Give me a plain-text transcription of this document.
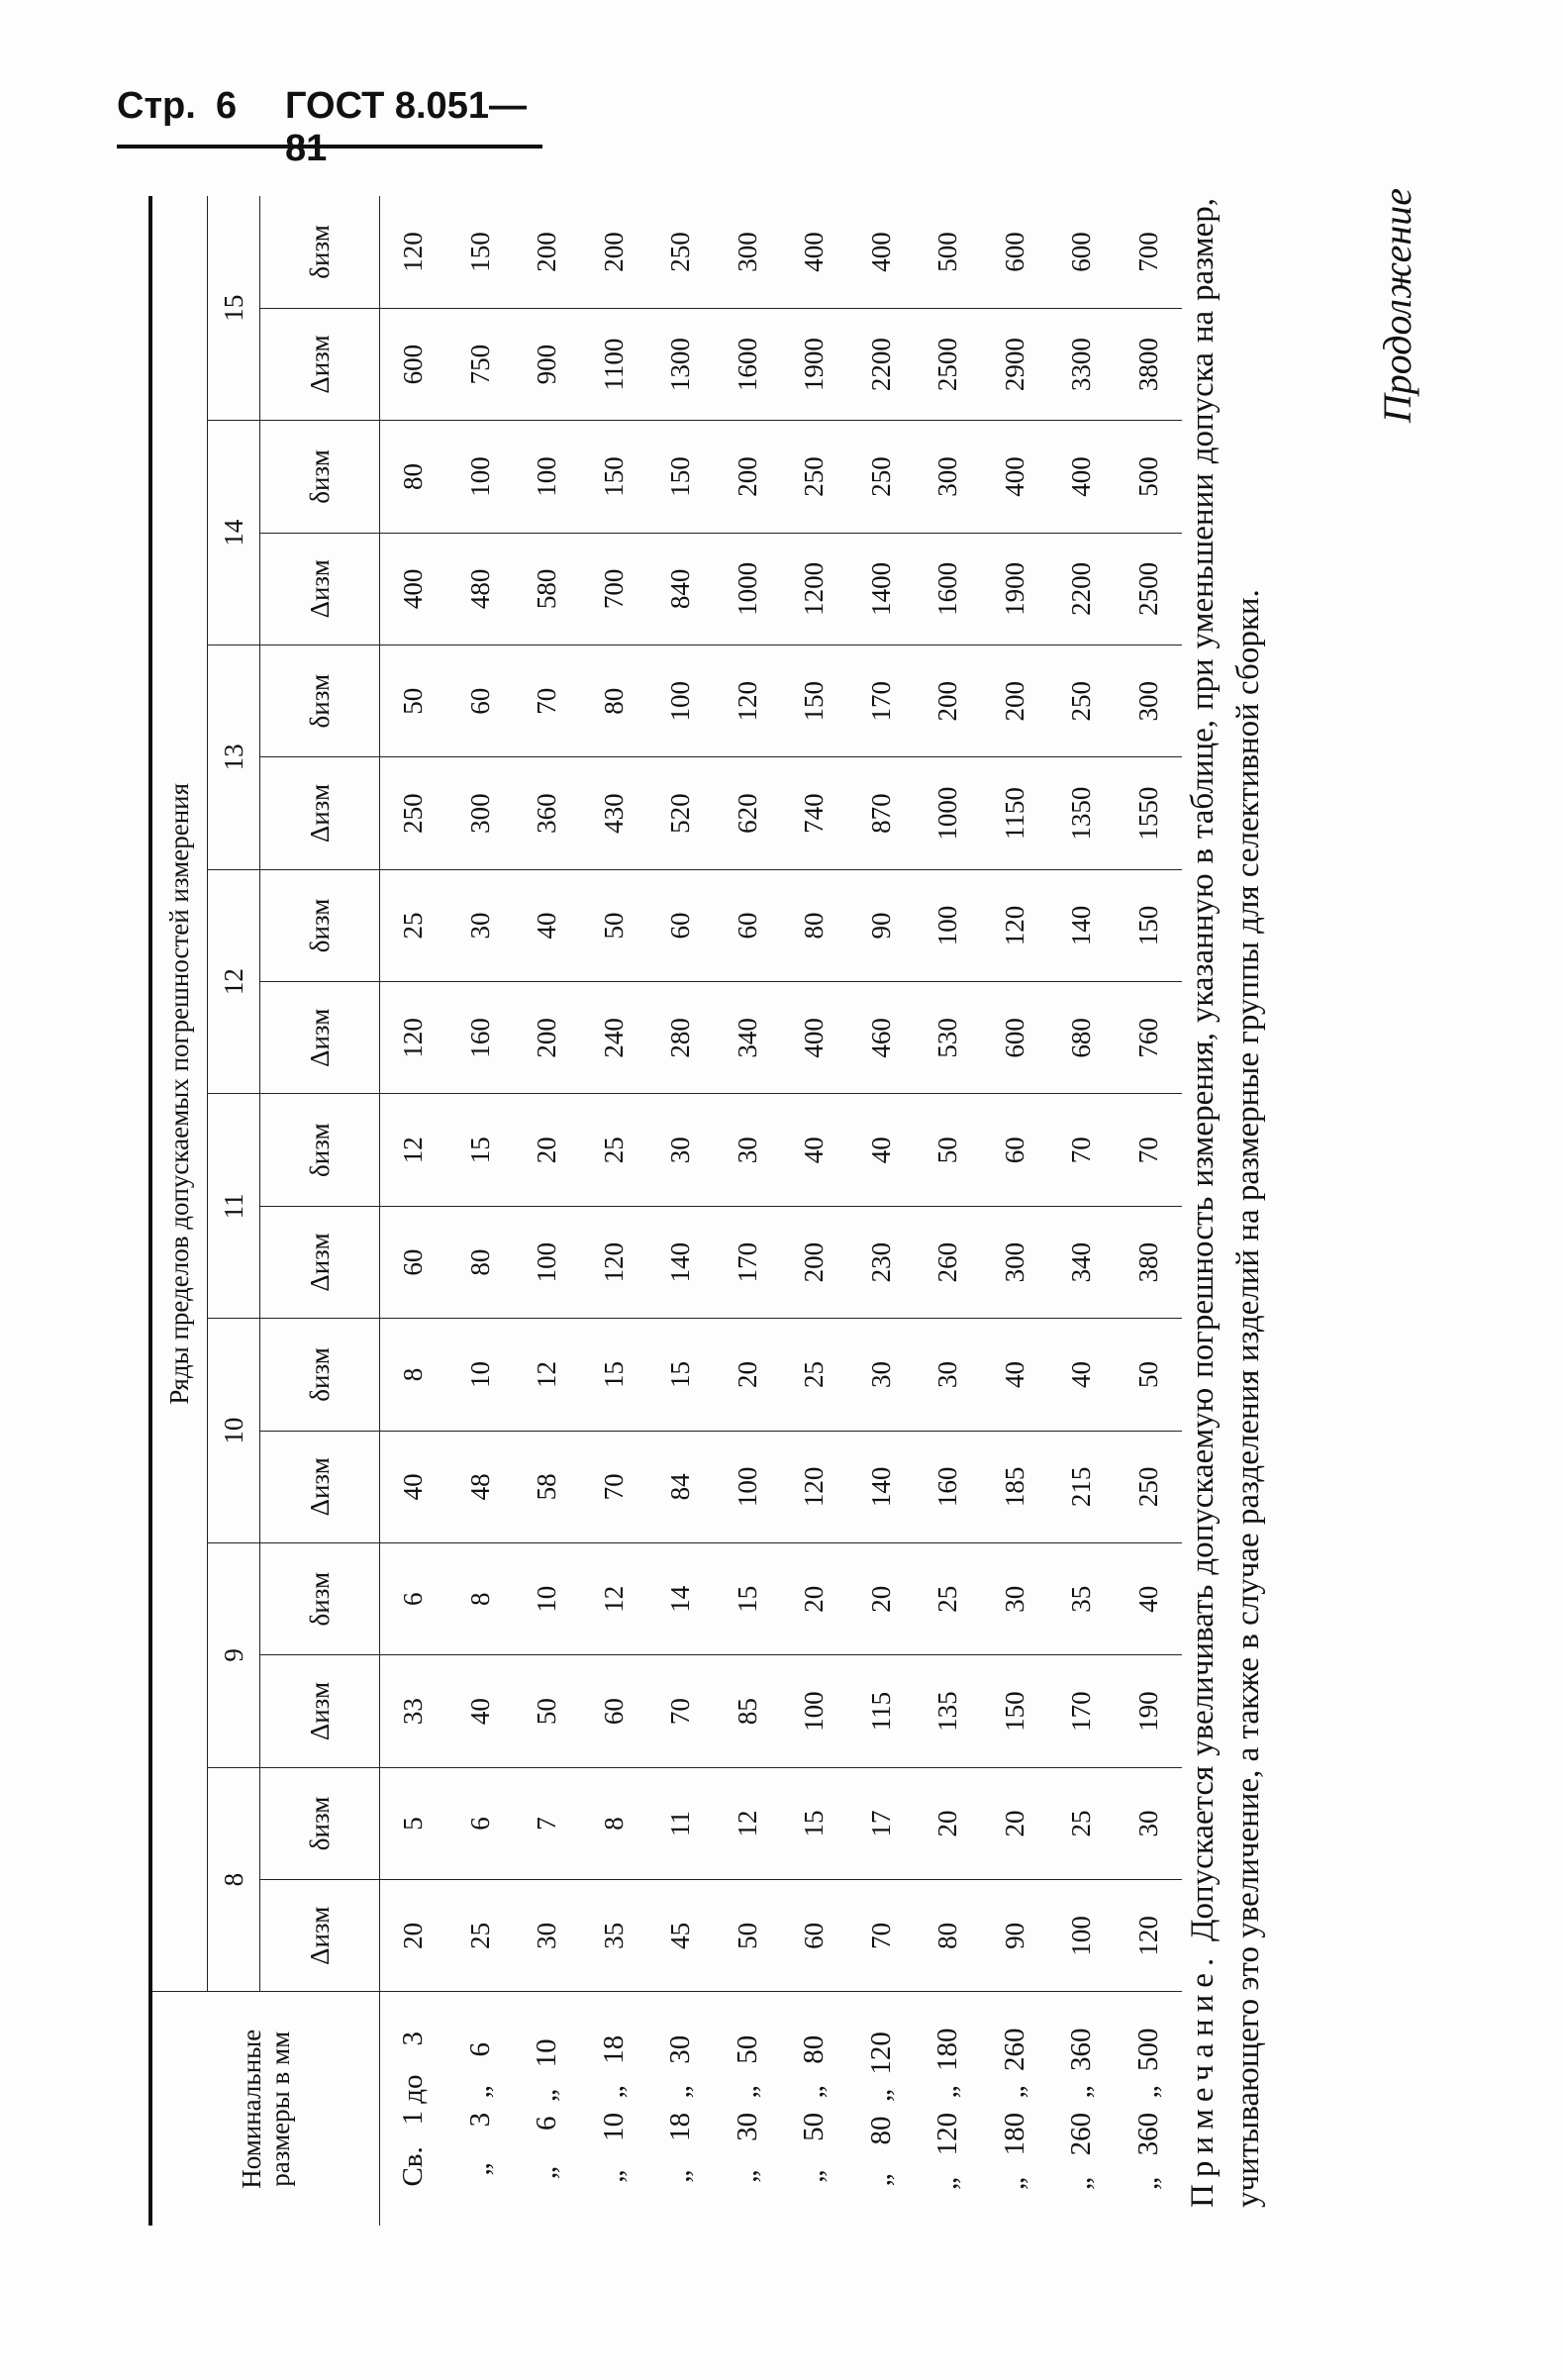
Стр. 6 ГОСТ 8.051—81
Продолжение
Номинальные размеры в мм	Ряды пределов допускаемых погрешностей измерения															
	8		9		10		11		12		13		14		15	
	Δизм	δизм	Δизм	δизм	Δизм	δизм	Δизм	δизм	Δизм	δизм	Δизм	δизм	Δизм	δизм	Δизм	δизм
Св.   1 до    3	20	5	33	6	40	8	60	12	120	25	250	50	400	80	600	120
„     3  „    6	25	6	40	8	48	10	80	15	160	30	300	60	480	100	750	150
„     6  „   10	30	7	50	10	58	12	100	20	200	40	360	70	580	100	900	200
„    10  „   18	35	8	60	12	70	15	120	25	240	50	430	80	700	150	1100	200
„    18  „   30	45	11	70	14	84	15	140	30	280	60	520	100	840	150	1300	250
„    30  „   50	50	12	85	15	100	20	170	30	340	60	620	120	1000	200	1600	300
„    50  „   80	60	15	100	20	120	25	200	40	400	80	740	150	1200	250	1900	400
„    80  „  120	70	17	115	20	140	30	230	40	460	90	870	170	1400	250	2200	400
„   120  „  180	80	20	135	25	160	30	260	50	530	100	1000	200	1600	300	2500	500
„   180  „  260	90	20	150	30	185	40	300	60	600	120	1150	200	1900	400	2900	600
„   260  „  360	100	25	170	35	215	40	340	70	680	140	1350	250	2200	400	3300	600
„   360  „  500	120	30	190	40	250	50	380	70	760	150	1550	300	2500	500	3800	700
Примечание. Допускается увеличивать допускаемую погрешность измерения, указанную в таблице, при уменьшении допуска на размер, учитывающего это увеличение, а также в случае разделения изделий на размерные группы для селективной сборки.
